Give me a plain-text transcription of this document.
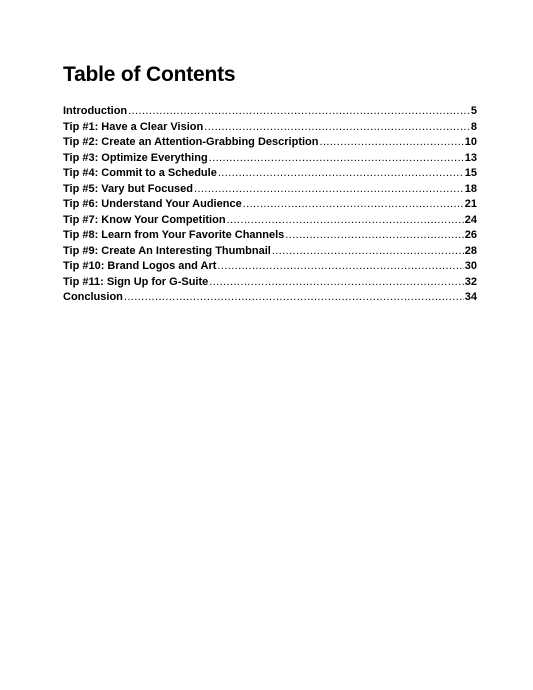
Table of Contents
Introduction .....	5
Tip #1: Have a Clear Vision .....	8
Tip #2: Create an Attention-Grabbing Description .....	10
Tip #3: Optimize Everything .....	13
Tip #4: Commit to a Schedule .....	15
Tip #5: Vary but Focused .....	18
Tip #6: Understand Your Audience .....	21
Tip #7: Know Your Competition .....	24
Tip #8: Learn from Your Favorite Channels .....	26
Tip #9: Create An Interesting Thumbnail .....	28
Tip #10: Brand Logos and Art .....	30
Tip #11: Sign Up for G-Suite .....	32
Conclusion .....	34
